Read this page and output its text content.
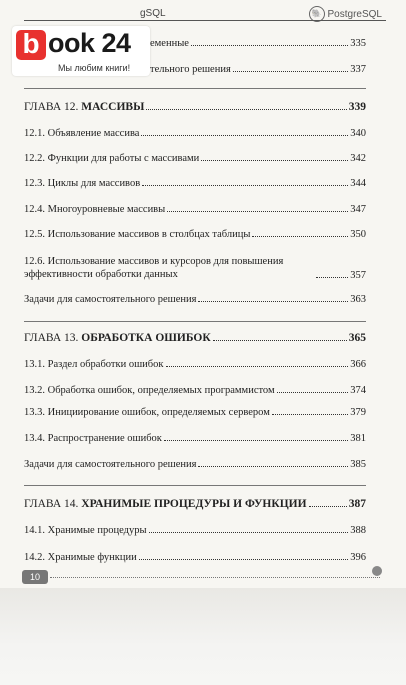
gSQL	🐘 PostgreSQL
b ook 24
Мы любим книги!
еменные	335
тельного решения	337
ГЛАВА 12. МАССИВЫ	339
12.1. Объявление массива	340
12.2. Функции для работы с массивами	342
12.3. Циклы для массивов	344
12.4. Многоуровневые массивы	347
12.5. Использование массивов в столбцах таблицы	350
12.6. Использование массивов и курсоров для повышения эффективности обработки данных	357
Задачи для самостоятельного решения	363
ГЛАВА 13. ОБРАБОТКА ОШИБОК	365
13.1. Раздел обработки ошибок	366
13.2. Обработка ошибок, определяемых программистом	374
13.3. Инициирование ошибок, определяемых сервером	379
13.4. Распространение ошибок	381
Задачи для самостоятельного решения	385
ГЛАВА 14. ХРАНИМЫЕ ПРОЦЕДУРЫ И ФУНКЦИИ	387
14.1. Хранимые процедуры	388
14.2. Хранимые функции	396
10
